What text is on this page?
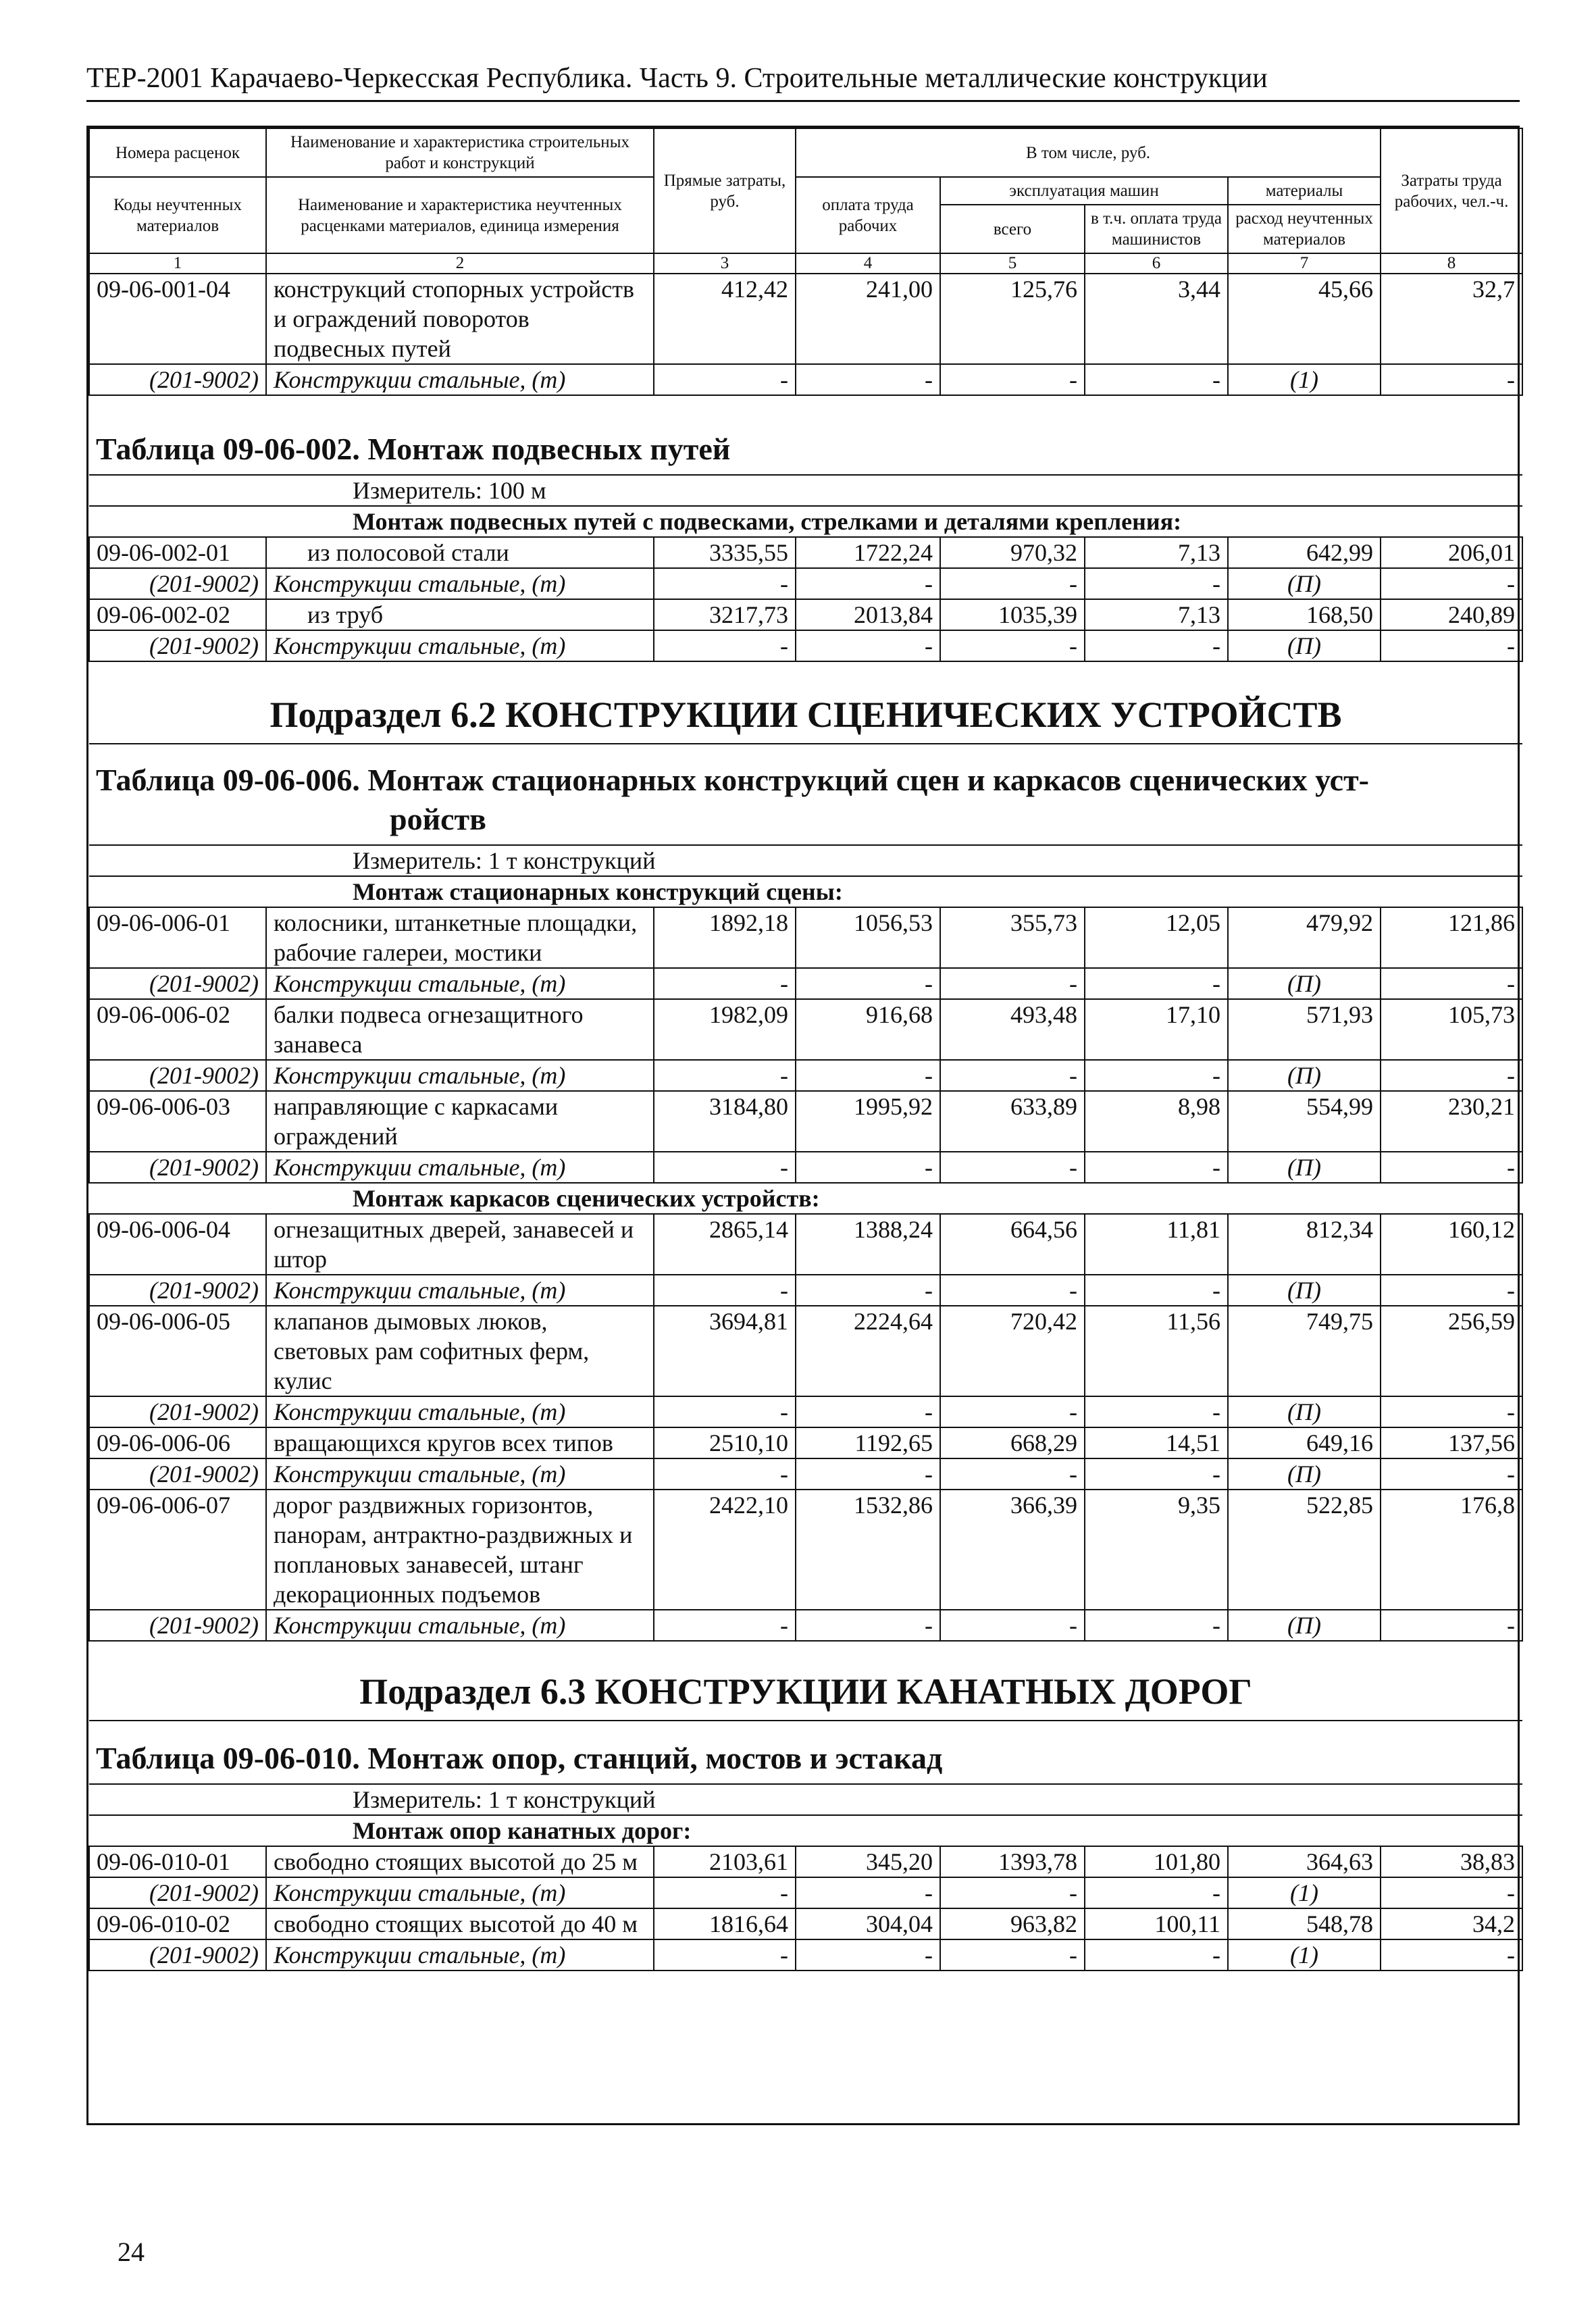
ТЕР-2001 Карачаево-Черкесская Республика. Часть 9. Строительные металлические конструкции
Номера расценок	Наименование и характеристика строительных работ и конструкций	Прямые затраты, руб.	В том числе, руб.				Затраты труда рабочих, чел.-ч.
Коды неучтенных материалов	Наименование и характеристика неучтенных расценками материалов, единица измерения		оплата труда рабочих	эксплуатация машин		материалы	
				всего	в т.ч. оплата труда машинистов	расход неучтенных материалов	
1	2	3	4	5	6	7	8
09-06-001-04	конструкций стопорных устройств и ограждений поворотов подвесных путей	412,42	241,00	125,76	3,44	45,66	32,7
(201-9002)	Конструкции стальные, (т)	-	-	-	-	(1)	-
Таблица 09-06-002. Монтаж подвесных путей							
Измеритель: 100 м							
Монтаж подвесных путей с подвесками, стрелками и деталями крепления:							
09-06-002-01	из полосовой стали	3335,55	1722,24	970,32	7,13	642,99	206,01
(201-9002)	Конструкции стальные, (т)	-	-	-	-	(П)	-
09-06-002-02	из труб	3217,73	2013,84	1035,39	7,13	168,50	240,89
(201-9002)	Конструкции стальные, (т)	-	-	-	-	(П)	-
Подраздел 6.2 КОНСТРУКЦИИ СЦЕНИЧЕСКИХ УСТРОЙСТВ							

Таблица 09-06-006. Монтаж стационарных конструкций сцен и каркасов сценических уст-
ройств							

Измеритель: 1 т конструкций							
Монтаж стационарных конструкций сцены:							
09-06-006-01	колосники, штанкетные площадки, рабочие галереи, мостики	1892,18	1056,53	355,73	12,05	479,92	121,86
(201-9002)	Конструкции стальные, (т)	-	-	-	-	(П)	-
09-06-006-02	балки подвеса огнезащитного занавеса	1982,09	916,68	493,48	17,10	571,93	105,73
(201-9002)	Конструкции стальные, (т)	-	-	-	-	(П)	-
09-06-006-03	направляющие с каркасами ограждений	3184,80	1995,92	633,89	8,98	554,99	230,21
(201-9002)	Конструкции стальные, (т)	-	-	-	-	(П)	-
Монтаж каркасов сценических устройств:							
09-06-006-04	огнезащитных дверей, занавесей и штор	2865,14	1388,24	664,56	11,81	812,34	160,12
(201-9002)	Конструкции стальные, (т)	-	-	-	-	(П)	-
09-06-006-05	клапанов дымовых люков, световых рам софитных ферм, кулис	3694,81	2224,64	720,42	11,56	749,75	256,59
(201-9002)	Конструкции стальные, (т)	-	-	-	-	(П)	-
09-06-006-06	вращающихся кругов всех типов	2510,10	1192,65	668,29	14,51	649,16	137,56
(201-9002)	Конструкции стальные, (т)	-	-	-	-	(П)	-
09-06-006-07	дорог раздвижных горизонтов, панорам, антрактно-раздвижных и поплановых занавесей, штанг декорационных подъемов	2422,10	1532,86	366,39	9,35	522,85	176,8
(201-9002)	Конструкции стальные, (т)	-	-	-	-	(П)	-
Подраздел 6.3 КОНСТРУКЦИИ КАНАТНЫХ ДОРОГ							
Таблица 09-06-010. Монтаж опор, станций, мостов и эстакад							
Измеритель: 1 т конструкций							
Монтаж опор канатных дорог:							
09-06-010-01	свободно стоящих высотой до 25 м	2103,61	345,20	1393,78	101,80	364,63	38,83
(201-9002)	Конструкции стальные, (т)	-	-	-	-	(1)	-
09-06-010-02	свободно стоящих высотой до 40 м	1816,64	304,04	963,82	100,11	548,78	34,2
(201-9002)	Конструкции стальные, (т)	-	-	-	-	(1)	-
24
